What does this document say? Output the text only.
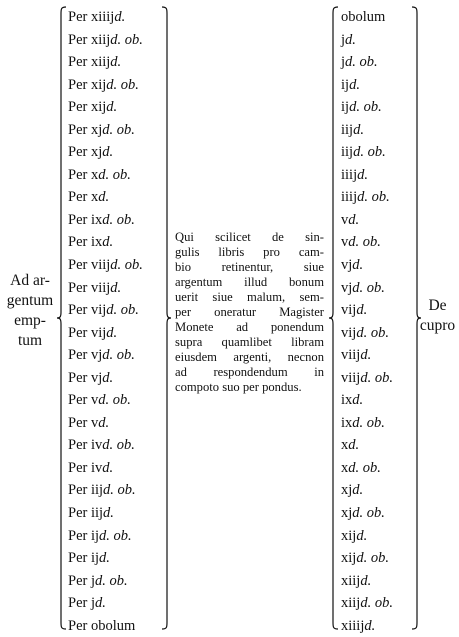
Ad ar-
gentum
emp-
tum
Per xiiijd.
Per xiijd. ob.
Per xiijd.
Per xijd. ob.
Per xijd.
Per xjd. ob.
Per xjd.
Per xd. ob.
Per xd.
Per ixd. ob.
Per ixd.
Per viijd. ob.
Per viijd.
Per vijd. ob.
Per vijd.
Per vjd. ob.
Per vjd.
Per vd. ob.
Per vd.
Per ivd. ob.
Per ivd.
Per iijd. ob.
Per iijd.
Per ijd. ob.
Per ijd.
Per jd. ob.
Per jd.
Per obolum
Qui scilicet de sin-
gulis libris pro cam-
bio retinentur, siue
argentum illud bonum
uerit siue malum, sem-
per oneratur Magister
Monete ad ponendum
supra quamlibet libram
eiusdem argenti, necnon
ad respondendum in
compoto suo per pondus.
obolum
jd.
jd. ob.
ijd.
ijd. ob.
iijd.
iijd. ob.
iiijd.
iiijd. ob.
vd.
vd. ob.
vjd.
vjd. ob.
vijd.
vijd. ob.
viijd.
viijd. ob.
ixd.
ixd. ob.
xd.
xd. ob.
xjd.
xjd. ob.
xijd.
xijd. ob.
xiijd.
xiijd. ob.
xiiijd.
De
cupro
